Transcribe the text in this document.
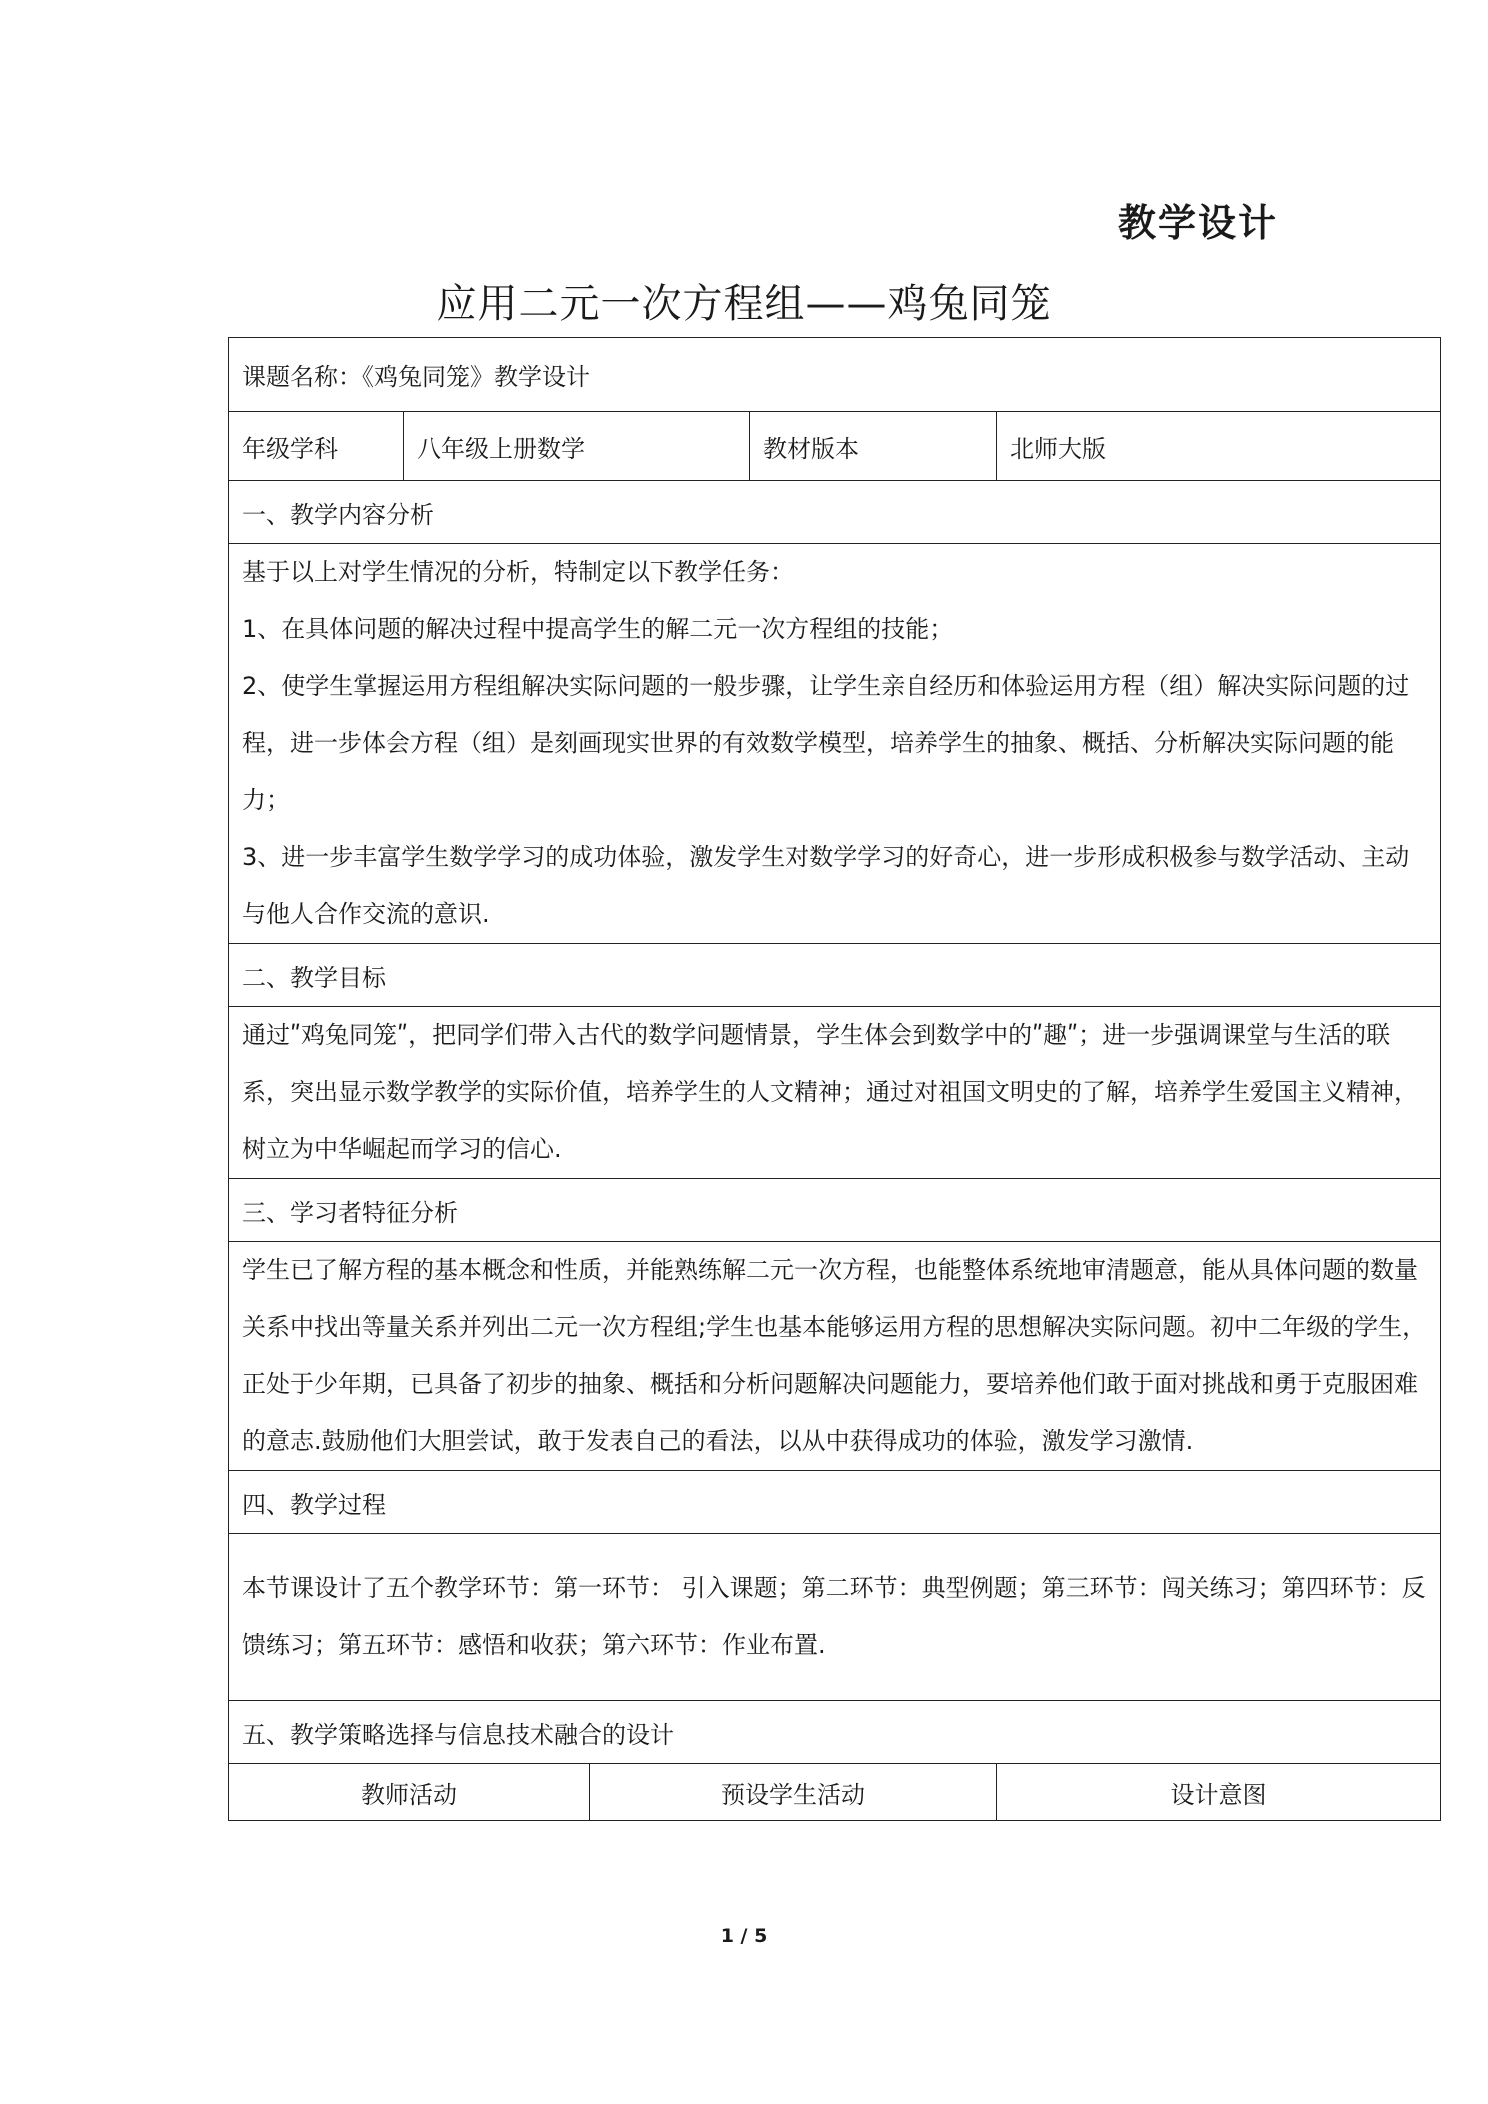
教学设计
应用二元一次方程组——鸡兔同笼
课题名称：《鸡兔同笼》教学设计				
年级学科	八年级上册数学		教材版本	北师大版
一、教学内容分析				

基于以上对学生情况的分析，特制定以下教学任务：

1、在具体问题的解决过程中提高学生的解二元一次方程组的技能；

2、使学生掌握运用方程组解决实际问题的一般步骤，让学生亲自经历和体验运用方程（组）解决实际问题的过程，进一步体会方程（组）是刻画现实世界的有效数学模型，培养学生的抽象、概括、分析解决实际问题的能力；

3、进一步丰富学生数学学习的成功体验，激发学生对数学学习的好奇心，进一步形成积极参与数学活动、主动与他人合作交流的意识.				

二、教学目标				

通过ʺ鸡兔同笼ʺ，把同学们带入古代的数学问题情景，学生体会到数学中的ʺ趣ʺ；进一步强调课堂与生活的联系，突出显示数学教学的实际价值，培养学生的人文精神；通过对祖国文明史的了解，培养学生爱国主义精神，树立为中华崛起而学习的信心.				

三、学习者特征分析				

学生已了解方程的基本概念和性质，并能熟练解二元一次方程，也能整体系统地审清题意，能从具体问题的数量关系中找出等量关系并列出二元一次方程组;学生也基本能够运用方程的思想解决实际问题。初中二年级的学生，正处于少年期，已具备了初步的抽象、概括和分析问题解决问题能力，要培养他们敢于面对挑战和勇于克服困难的意志.鼓励他们大胆尝试，敢于发表自己的看法，以从中获得成功的体验，激发学习激情.				

四、教学过程				

本节课设计了五个教学环节：第一环节： 引入课题；第二环节：典型例题；第三环节：闯关练习；第四环节：反馈练习；第五环节：感悟和收获；第六环节：作业布置.				

五、教学策略选择与信息技术融合的设计				
教师活动		预设学生活动		设计意图
1 / 5
